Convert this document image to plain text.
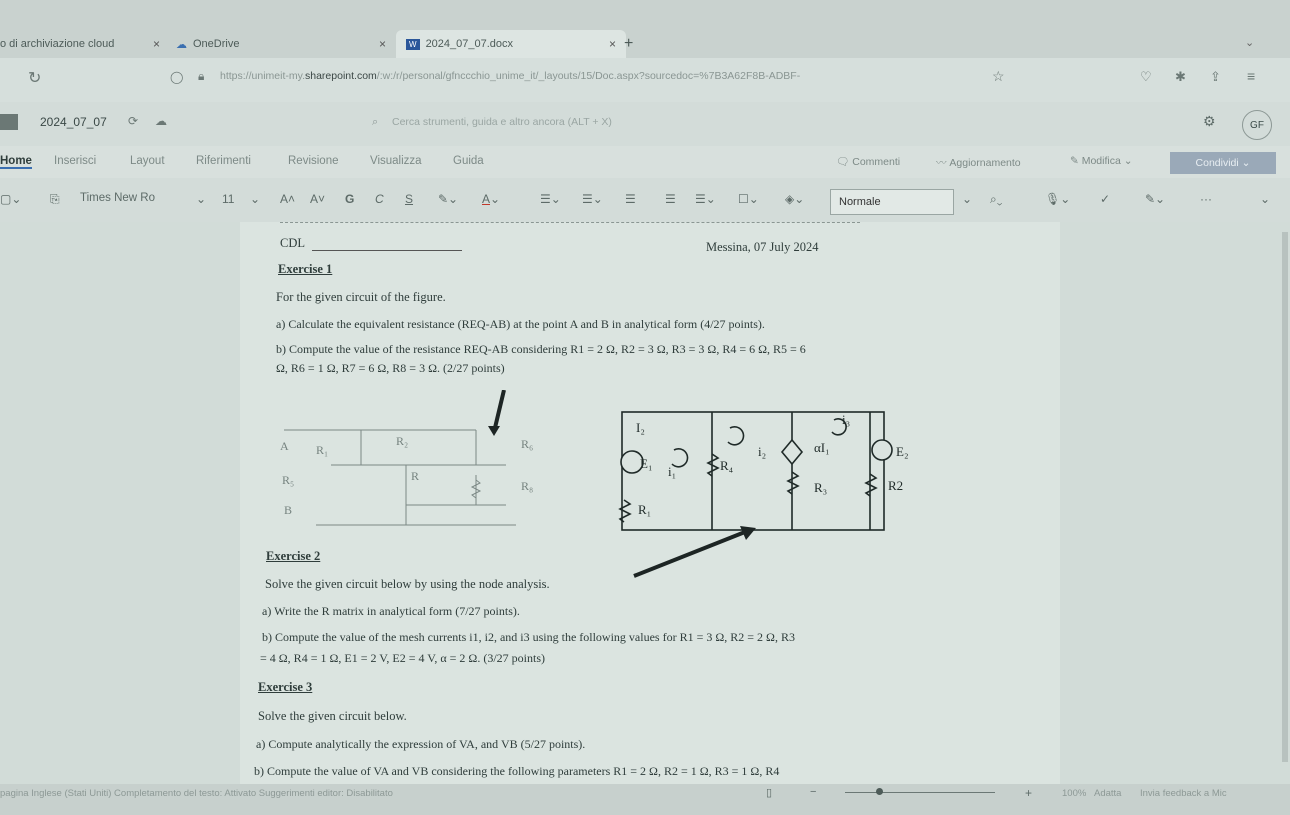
o di archiviazione cloud	× ☁ OneDrive	×	W 2024_07_07.docx	× +	⌄
↻	◯ 🔒︎ https://unimeit-my.sharepoint.com/:w:/r/personal/gfnccchio_unime_it/_layouts/15/Doc.aspx?sourcedoc=%7B3A62F8B-ADBF-	☆	♡ ✱ ⇪ ≡
2024_07_07 ⟳ ☁	⌕ Cerca strumenti, guida e altro ancora (ALT + X)	⚙	GF
Home Inserisci	Layout	Riferimenti	Revisione	Visualizza	Guida	🗨︎ Commenti	〰 Aggiornamento	✎ Modifica ⌄	Condividi ⌄
▢⌄ ⎘ Times New Ro	⌄ 11 ⌄ A˄ A˅ G C S ✎⌄ A⌄	☰⌄ ☰⌄ ☰ ☰ ☰⌄ ☐⌄ ◈⌄	⌄ ⌕⌄	🎙︎⌄ ✓	✎⌄	···	⌄
Normale
CDL	Messina, 07 July 2024
Exercise 1
For the given circuit of the figure.
a) Calculate the equivalent resistance (REQ-AB) at the point A and B in analytical form (4/27 points).
b) Compute the value of the resistance REQ-AB considering R1 = 2 Ω, R2 = 3 Ω, R3 = 3 Ω, R4 = 6 Ω, R5 = 6
Ω, R6 = 1 Ω, R7 = 6 Ω, R8 = 3 Ω. (2/27 points)
A R₁	R₆
R₅
B
R₂
R
R₈
I₂
E₁
i₁	R₄
i₂	αI₁
i₃
E₂
R₃	R2
R₁
Exercise 2
Solve the given circuit below by using the node analysis.
a) Write the R matrix in analytical form (7/27 points).
b) Compute the value of the mesh currents i1, i2, and i3 using the following values for R1 = 3 Ω, R2 = 2 Ω, R3
= 4 Ω, R4 = 1 Ω, E1 = 2 V, E2 = 4 V, α = 2 Ω. (3/27 points)
Exercise 3
Solve the given circuit below.
a) Compute analytically the expression of VA, and VB (5/27 points).
b) Compute the value of VA and VB considering the following parameters R1 = 2 Ω, R2 = 1 Ω, R3 = 1 Ω, R4
pagina Inglese (Stati Uniti) Completamento del testo: Attivato Suggerimenti editor: Disabilitato	▯	−	+	100% Adatta Invia feedback a Mic
